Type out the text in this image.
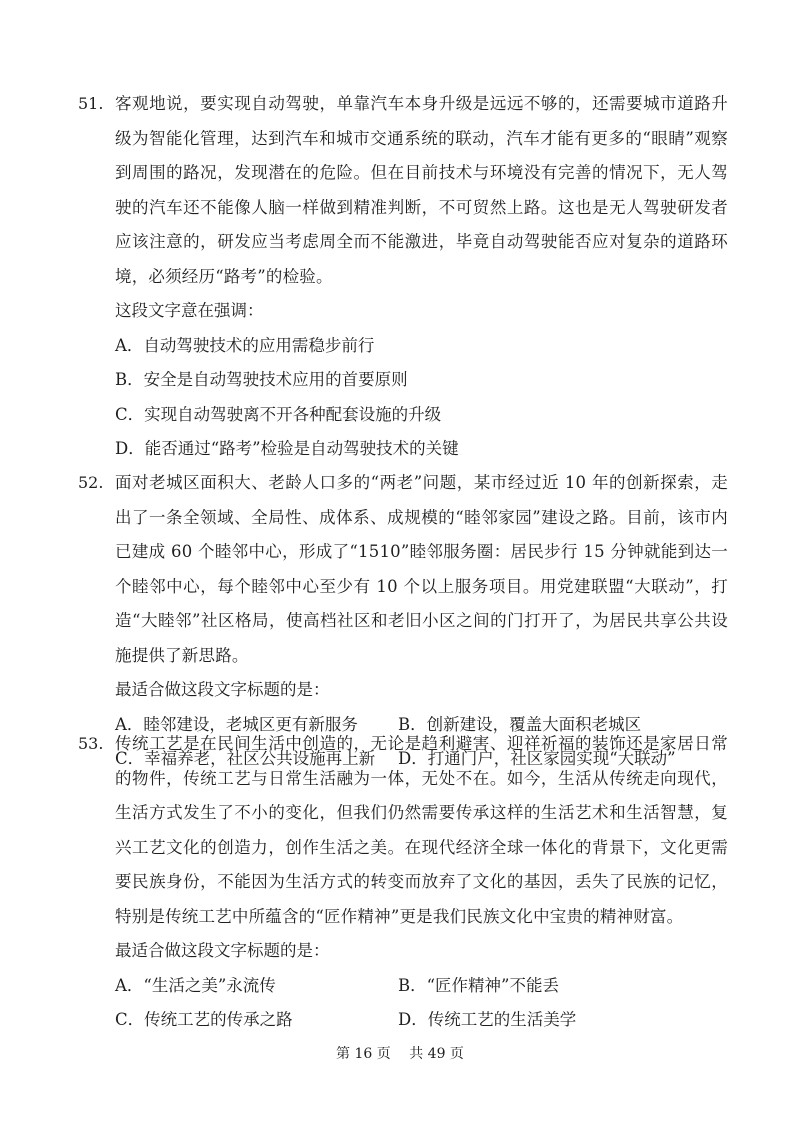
51. 客观地说，要实现自动驾驶，单靠汽车本身升级是远远不够的，还需要城市道路升级为智能化管理，达到汽车和城市交通系统的联动，汽车才能有更多的“眼睛”观察到周围的路况，发现潜在的危险。但在目前技术与环境没有完善的情况下，无人驾驶的汽车还不能像人脑一样做到精准判断，不可贸然上路。这也是无人驾驶研发者应该注意的，研发应当考虑周全而不能激进，毕竟自动驾驶能否应对复杂的道路环境，必须经历“路考”的检验。
这段文字意在强调：
A．自动驾驶技术的应用需稳步前行
B．安全是自动驾驶技术应用的首要原则
C．实现自动驾驶离不开各种配套设施的升级
D．能否通过“路考”检验是自动驾驶技术的关键
52. 面对老城区面积大、老龄人口多的“两老”问题，某市经过近 10 年的创新探索，走出了一条全领域、全局性、成体系、成规模的“睦邻家园”建设之路。目前，该市内已建成 60 个睦邻中心，形成了“1510”睦邻服务圈：居民步行 15 分钟就能到达一个睦邻中心，每个睦邻中心至少有 10 个以上服务项目。用党建联盟“大联动”，打造“大睦邻”社区格局，使高档社区和老旧小区之间的门打开了，为居民共享公共设施提供了新思路。
最适合做这段文字标题的是：
A．睦邻建设，老城区更有新服务	B．创新建设，覆盖大面积老城区
C．幸福养老，社区公共设施再上新	D．打通门户，社区家园实现“大联动”
53. 传统工艺是在民间生活中创造的，无论是趋利避害、迎祥祈福的装饰还是家居日常的物件，传统工艺与日常生活融为一体，无处不在。如今，生活从传统走向现代，生活方式发生了不小的变化，但我们仍然需要传承这样的生活艺术和生活智慧，复兴工艺文化的创造力，创作生活之美。在现代经济全球一体化的背景下，文化更需要民族身份，不能因为生活方式的转变而放弃了文化的基因，丢失了民族的记忆，特别是传统工艺中所蕴含的“匠作精神”更是我们民族文化中宝贵的精神财富。
最适合做这段文字标题的是：
A．“生活之美”永流传	B．“匠作精神”不能丢
C．传统工艺的传承之路	D．传统工艺的生活美学
第 16 页 共 49 页
